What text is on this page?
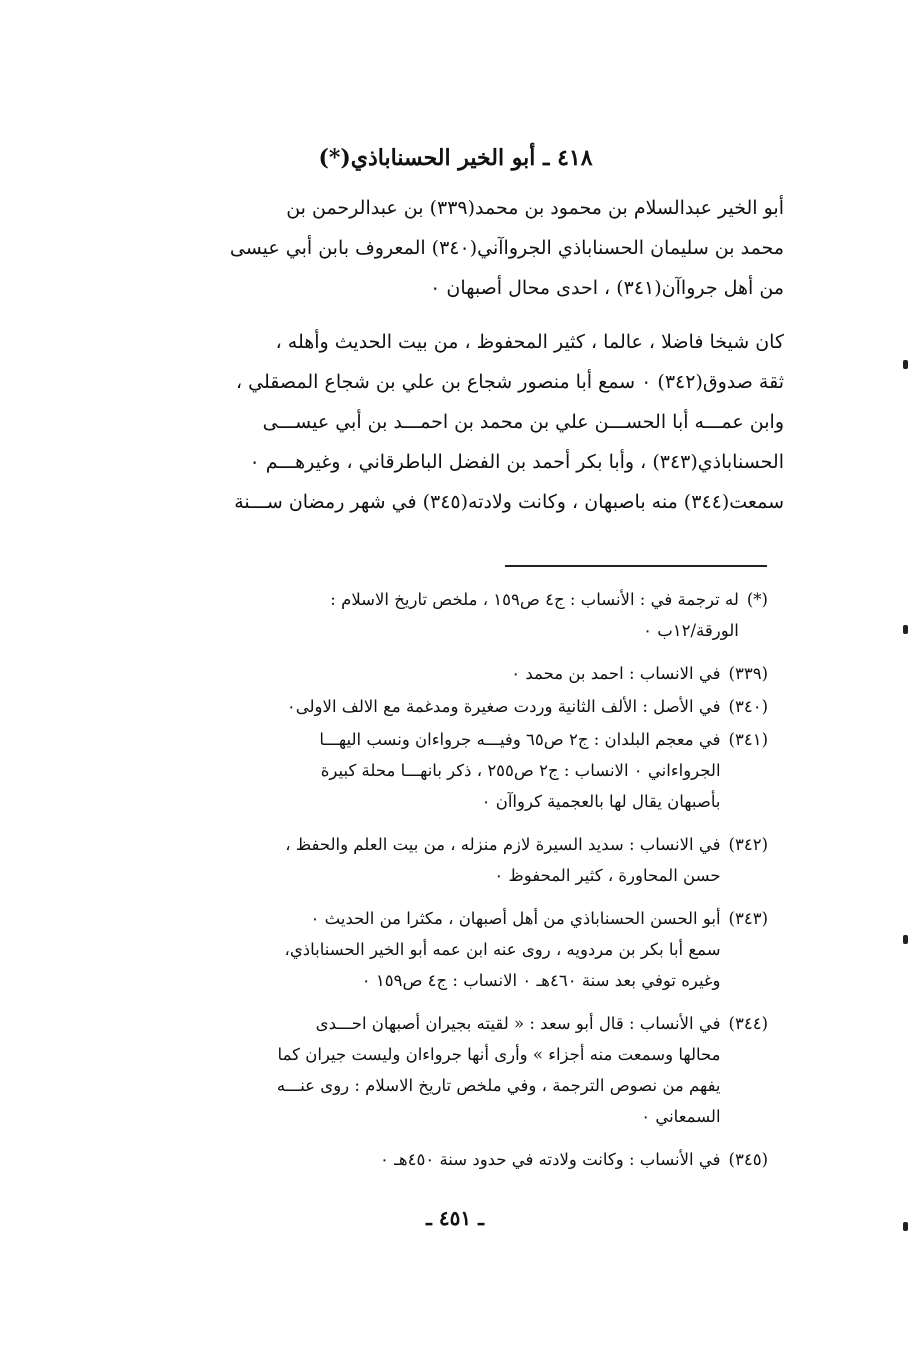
٤١٨ ـ أبو الخير الحسناباذي(*)

أبو الخير عبدالسلام بن محمود بن محمد(٣٣٩) بن عبدالرحمن بن
محمد بن سليمان الحسناباذي الجرواآني(٣٤٠) المعروف بابن أبي عيسى
من أهل جرواآن(٣٤١) ، احدى محال أصبهان ٠

كان شيخا فاضلا ، عالما ، كثير المحفوظ ، من بيت الحديث وأهله ،
ثقة صدوق(٣٤٢) ٠ سمع أبا منصور شجاع بن علي بن شجاع المصقلي ،
وابن عمـــه أبا الحســـن علي بن محمد بن احمـــد بن أبي عيســـى
الحسناباذي(٣٤٣) ، وأبا بكر أحمد بن الفضل الباطرقاني ، وغيرهـــم ٠
سمعت(٣٤٤) منه باصبهان ، وكانت ولادته(٣٤٥) في شهر رمضان ســـنة

(*)
له ترجمة في : الأنساب : ج٤ ص١٥٩ ، ملخص تاريخ الاسلام :
الورقة/١٢ب ٠
(٣٣٩)
في الانساب : احمد بن محمد ٠
(٣٤٠)
في الأصل : الألف الثانية وردت صغيرة ومدغمة مع الالف الاولى٠
(٣٤١)
في معجم البلدان : ج٢ ص٦٥ وفيـــه جرواءان ونسب اليهـــا
الجرواءاني ٠ الانساب : ج٢ ص٢٥٥ ، ذكر بانهـــا محلة كبيرة
بأصبهان يقال لها بالعجمية كرواآن ٠
(٣٤٢)
في الانساب : سديد السيرة لازم منزله ، من بيت العلم والحفظ ،
حسن المحاورة ، كثير المحفوظ ٠
(٣٤٣)
أبو الحسن الحسناباذي من أهل أصبهان ، مكثرا من الحديث ٠
سمع أبا بكر بن مردويه ، روى عنه ابن عمه أبو الخير الحسناباذي،
وغيره توفي بعد سنة ٤٦٠هـ ٠ الانساب : ج٤ ص١٥٩ ٠
(٣٤٤)
في الأنساب : قال أبو سعد : « لقيته بجيران أصبهان احـــدى
محالها وسمعت منه أجزاء » وأرى أنها جرواءان وليست جيران كما
يفهم من نصوص الترجمة ، وفي ملخص تاريخ الاسلام : روى عنـــه
السمعاني ٠
(٣٤٥)
في الأنساب : وكانت ولادته في حدود سنة ٤٥٠هـ ٠
ـ ٤٥١ ـ
